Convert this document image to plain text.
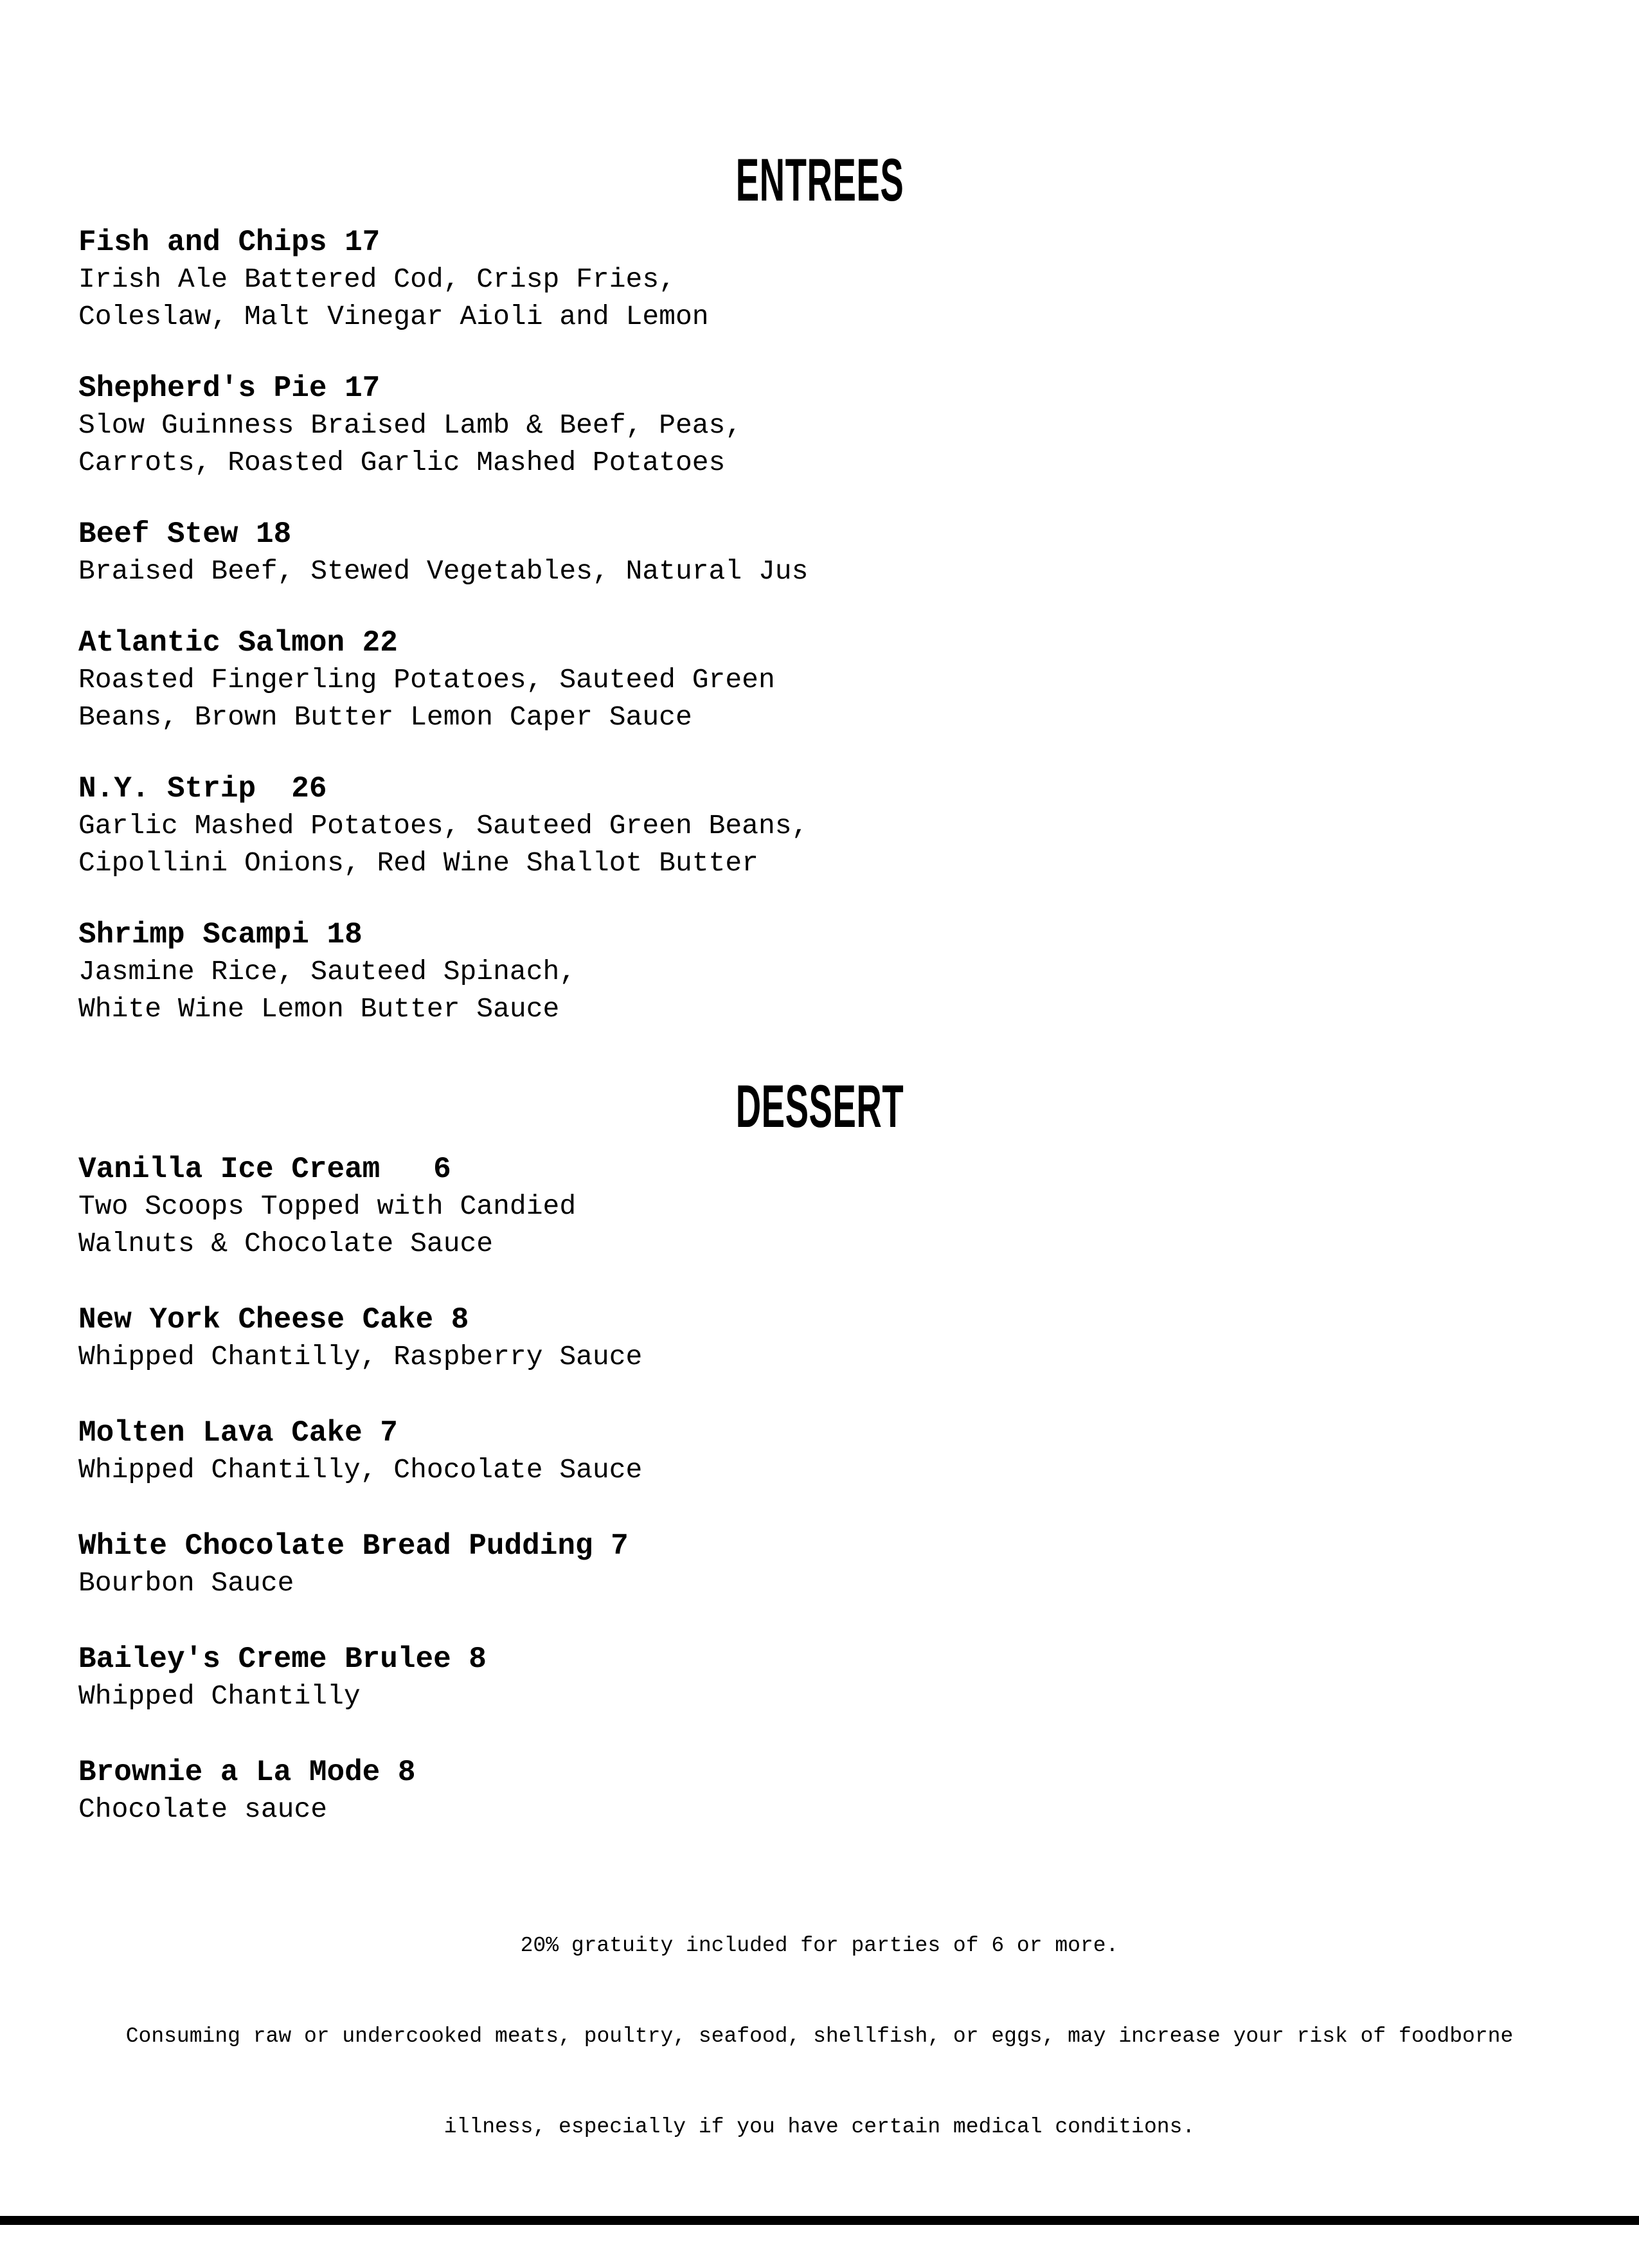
ENTREES
Fish and Chips 17
Irish Ale Battered Cod, Crisp Fries,
Coleslaw, Malt Vinegar Aioli and Lemon
Shepherd's Pie 17
Slow Guinness Braised Lamb & Beef, Peas,
Carrots, Roasted Garlic Mashed Potatoes
Beef Stew 18
Braised Beef, Stewed Vegetables, Natural Jus
Atlantic Salmon 22
Roasted Fingerling Potatoes, Sauteed Green
Beans, Brown Butter Lemon Caper Sauce
N.Y. Strip  26
Garlic Mashed Potatoes, Sauteed Green Beans,
Cipollini Onions, Red Wine Shallot Butter
Shrimp Scampi 18
Jasmine Rice, Sauteed Spinach,
White Wine Lemon Butter Sauce
DESSERT
Vanilla Ice Cream   6
Two Scoops Topped with Candied
Walnuts & Chocolate Sauce
New York Cheese Cake 8
Whipped Chantilly, Raspberry Sauce
Molten Lava Cake 7
Whipped Chantilly, Chocolate Sauce
White Chocolate Bread Pudding 7
Bourbon Sauce
Bailey's Creme Brulee 8
Whipped Chantilly
Brownie a La Mode 8
Chocolate sauce

20% gratuity included for parties of 6 or more.

Consuming raw or undercooked meats, poultry, seafood, shellfish, or eggs, may increase your risk of foodborne

illness, especially if you have certain medical conditions.
